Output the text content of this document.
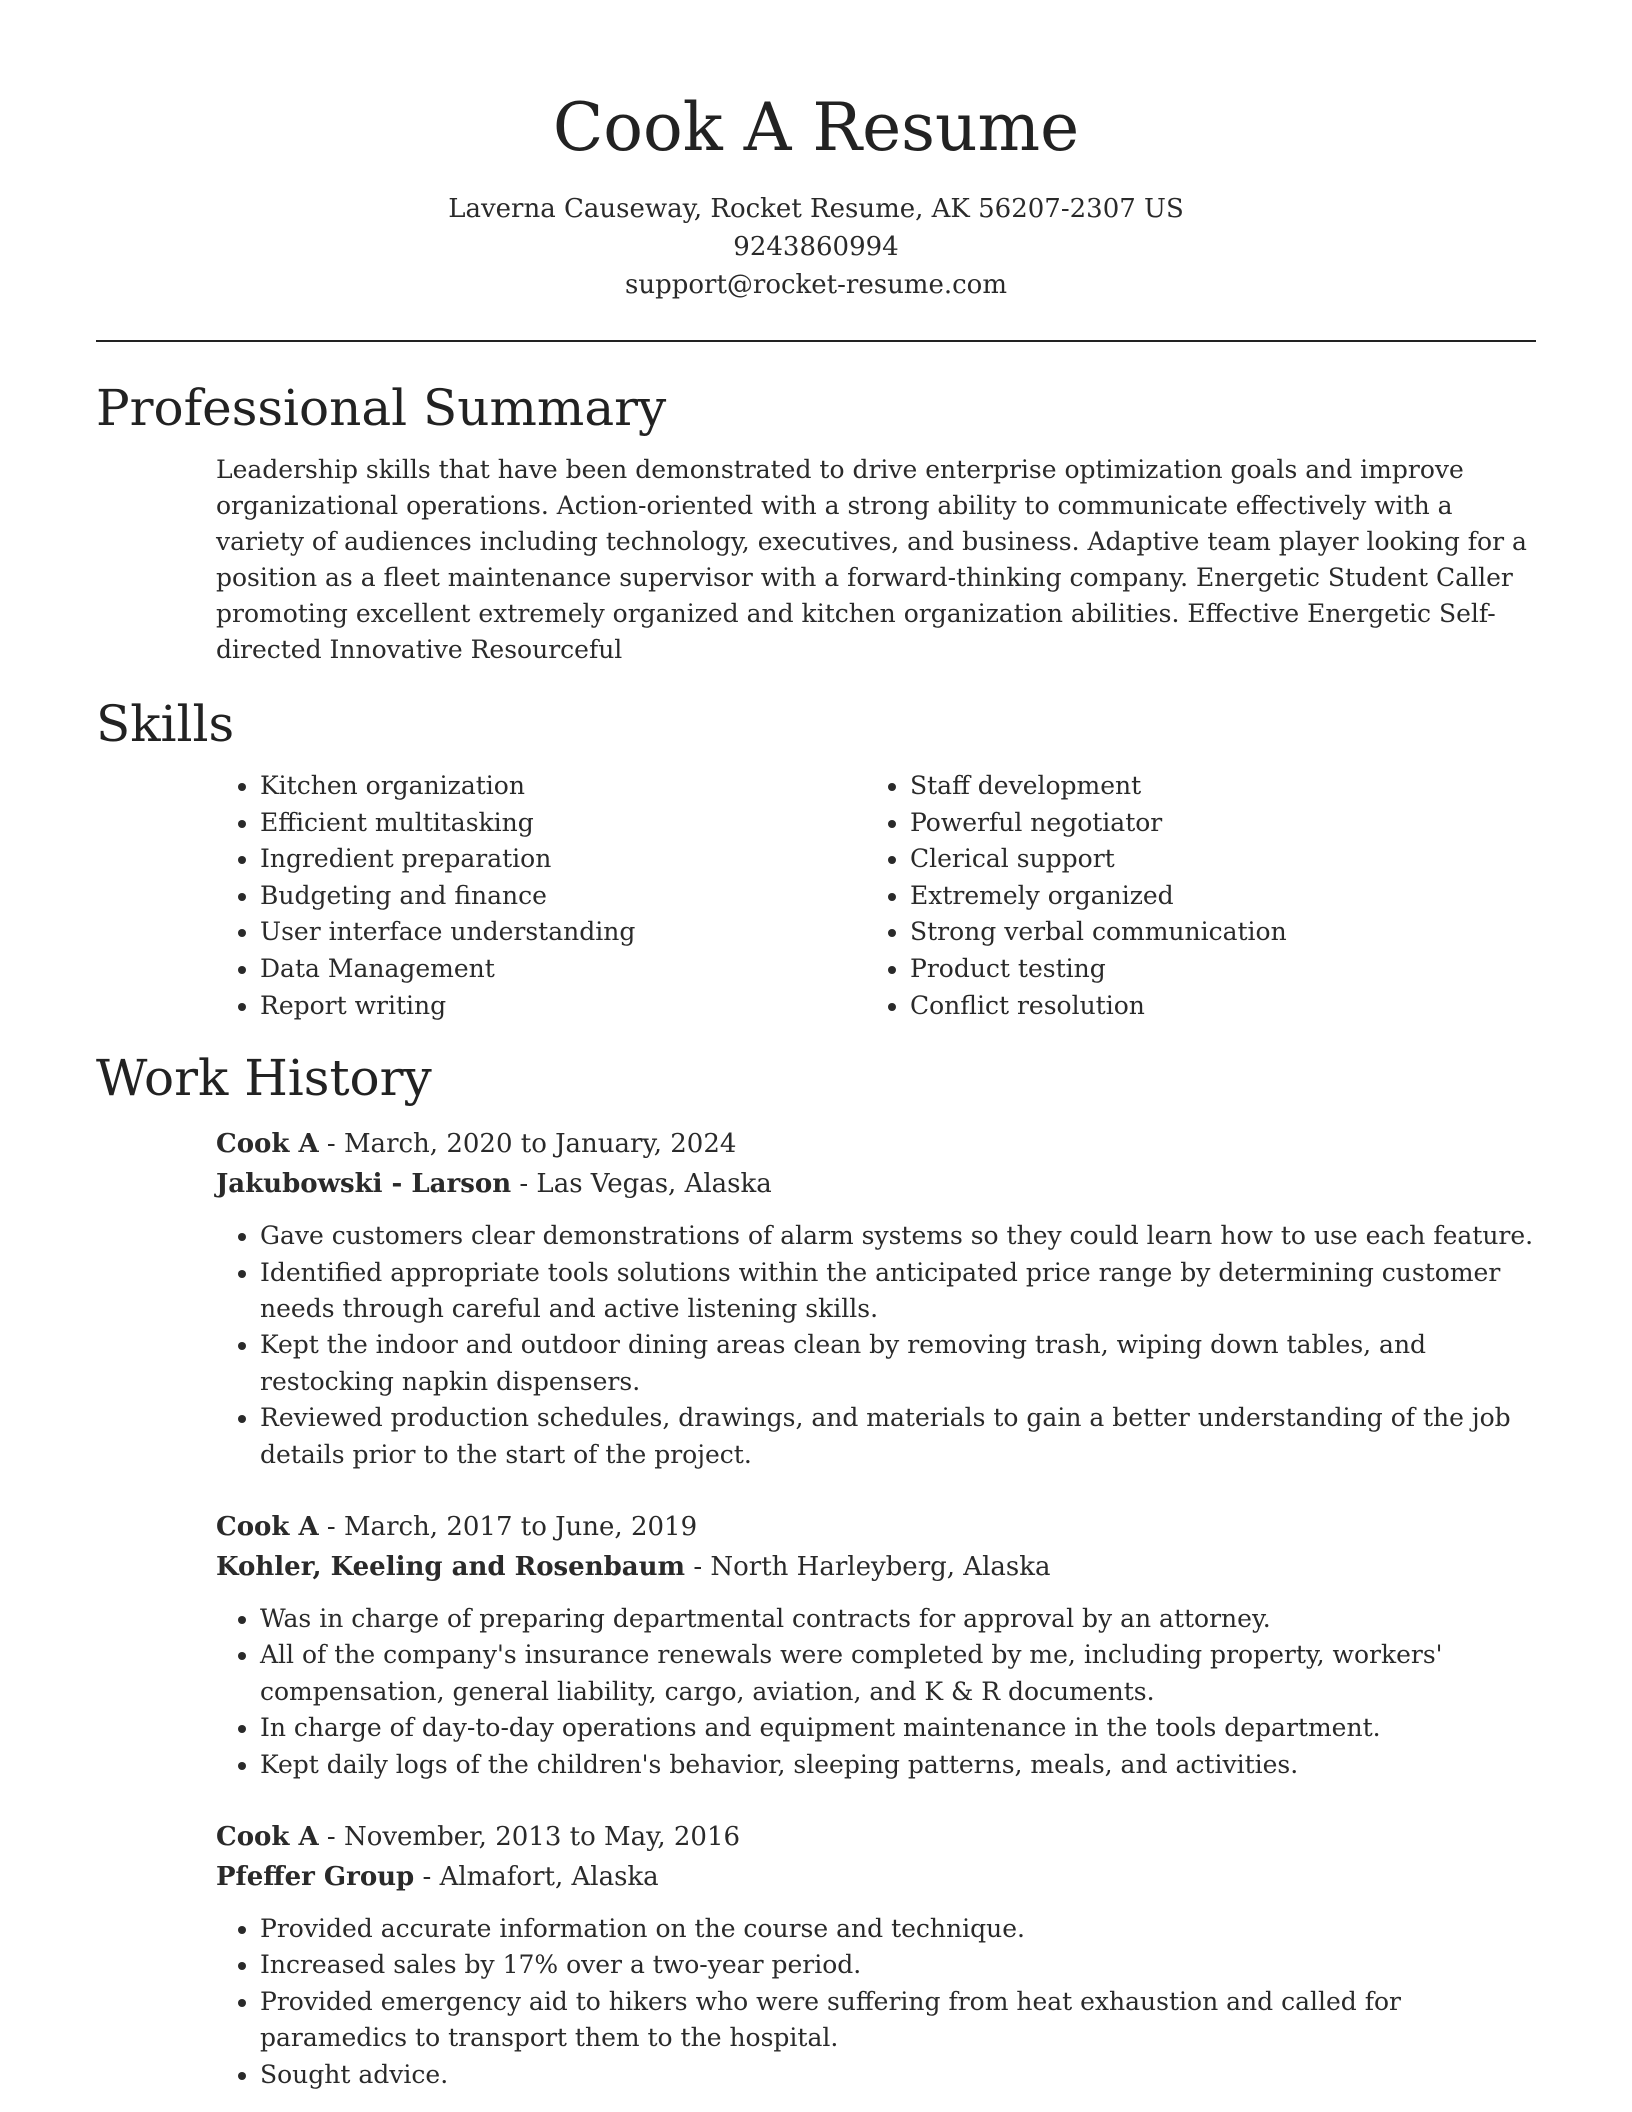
Cook A Resume
Laverna Causeway, Rocket Resume, AK 56207-2307 US
9243860994
support@rocket-resume.com
Professional Summary
Leadership skills that have been demonstrated to drive enterprise optimization goals and improve organizational operations. Action-oriented with a strong ability to communicate effectively with a variety of audiences including technology, executives, and business. Adaptive team player looking for a position as a fleet maintenance supervisor with a forward-thinking company. Energetic Student Caller promoting excellent extremely organized and kitchen organization abilities. Effective Energetic Self-directed Innovative Resourceful
Skills
• Kitchen organization
• Efficient multitasking
• Ingredient preparation
• Budgeting and finance
• User interface understanding
• Data Management
• Report writing
• Staff development
• Powerful negotiator
• Clerical support
• Extremely organized
• Strong verbal communication
• Product testing
• Conflict resolution
Work History
Cook A - March, 2020 to January, 2024
Jakubowski - Larson - Las Vegas, Alaska
• Gave customers clear demonstrations of alarm systems so they could learn how to use each feature.
• Identified appropriate tools solutions within the anticipated price range by determining customer needs through careful and active listening skills.
• Kept the indoor and outdoor dining areas clean by removing trash, wiping down tables, and restocking napkin dispensers.
• Reviewed production schedules, drawings, and materials to gain a better understanding of the job details prior to the start of the project.
Cook A - March, 2017 to June, 2019
Kohler, Keeling and Rosenbaum - North Harleyberg, Alaska
• Was in charge of preparing departmental contracts for approval by an attorney.
• All of the company's insurance renewals were completed by me, including property, workers' compensation, general liability, cargo, aviation, and K & R documents.
• In charge of day-to-day operations and equipment maintenance in the tools department.
• Kept daily logs of the children's behavior, sleeping patterns, meals, and activities.
Cook A - November, 2013 to May, 2016
Pfeffer Group - Almafort, Alaska
• Provided accurate information on the course and technique.
• Increased sales by 17% over a two-year period.
• Provided emergency aid to hikers who were suffering from heat exhaustion and called for paramedics to transport them to the hospital.
• Sought advice.
